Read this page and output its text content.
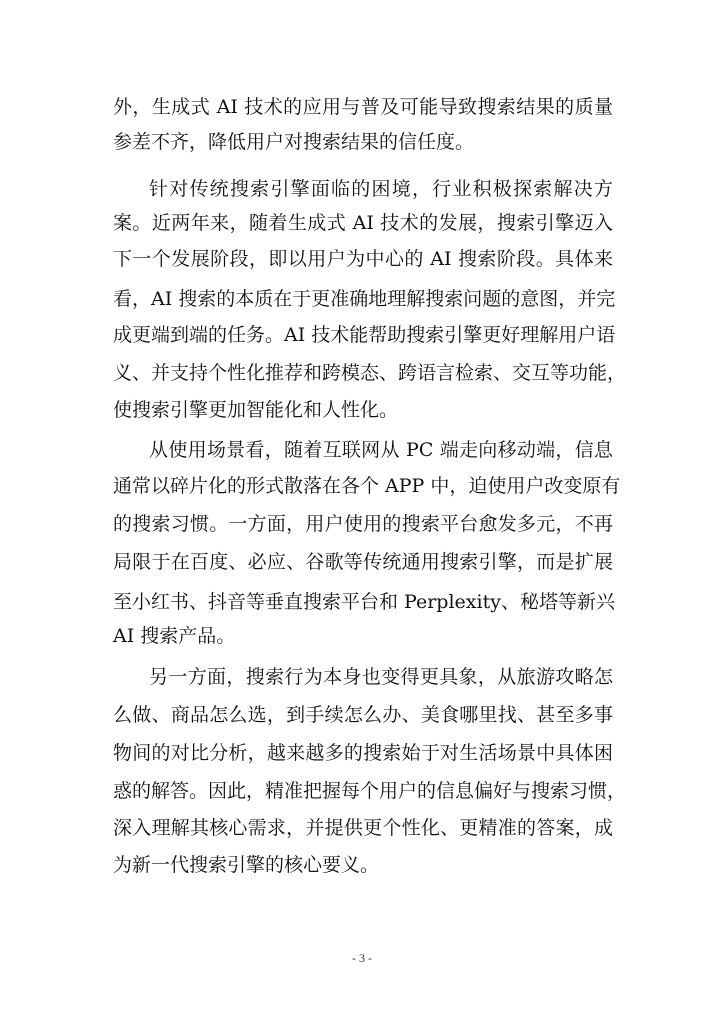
外，生成式 AI 技术的应用与普及可能导致搜索结果的质量

参差不齐，降低用户对搜索结果的信任度。

针对传统搜索引擎面临的困境，行业积极探索解决方

案。近两年来，随着生成式 AI 技术的发展，搜索引擎迈入

下一个发展阶段，即以用户为中心的 AI 搜索阶段。具体来

看，AI 搜索的本质在于更准确地理解搜索问题的意图，并完

成更端到端的任务。AI 技术能帮助搜索引擎更好理解用户语

义、并支持个性化推荐和跨模态、跨语言检索、交互等功能，

使搜索引擎更加智能化和人性化。

从使用场景看，随着互联网从 PC 端走向移动端，信息

通常以碎片化的形式散落在各个 APP 中，迫使用户改变原有

的搜索习惯。一方面，用户使用的搜索平台愈发多元，不再

局限于在百度、必应、谷歌等传统通用搜索引擎，而是扩展

至小红书、抖音等垂直搜索平台和 Perplexity、秘塔等新兴

AI 搜索产品。

另一方面，搜索行为本身也变得更具象，从旅游攻略怎

么做、商品怎么选，到手续怎么办、美食哪里找、甚至多事

物间的对比分析，越来越多的搜索始于对生活场景中具体困

惑的解答。因此，精准把握每个用户的信息偏好与搜索习惯，

深入理解其核心需求，并提供更个性化、更精准的答案，成

为新一代搜索引擎的核心要义。

- 3 -
